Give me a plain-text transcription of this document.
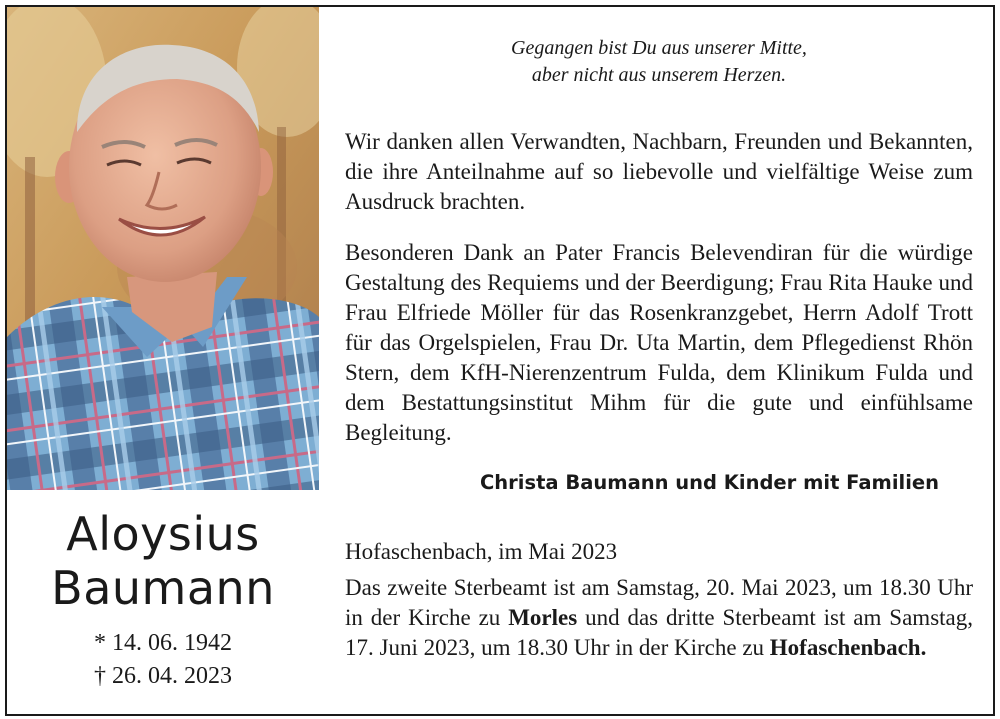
Aloysius
Baumann
* 14. 06. 1942
† 26. 04. 2023
Gegangen bist Du aus unserer Mitte,
aber nicht aus unserem Herzen.
Wir danken allen Verwandten, Nachbarn, Freunden und Bekannten, die ihre Anteilnahme auf so liebevolle und vielfältige Weise zum Ausdruck brachten.
Besonderen Dank an Pater Francis Belevendiran für die würdige Gestaltung des Requiems und der Beerdigung; Frau Rita Hauke und Frau Elfriede Möller für das Rosenkranzgebet, Herrn Adolf Trott für das Orgelspielen, Frau Dr. Uta Martin, dem Pflegedienst Rhön Stern, dem KfH-Nierenzentrum Fulda, dem Klinikum Fulda und dem Bestattungsinstitut Mihm für die gute und einfühlsame Begleitung.
Christa Baumann und Kinder mit Familien
Hofaschenbach, im Mai 2023
Das zweite Sterbeamt ist am Samstag, 20. Mai 2023, um 18.30 Uhr in der Kirche zu Morles und das dritte Sterbeamt ist am Samstag, 17. Juni 2023, um 18.30 Uhr in der Kirche zu Hofaschenbach.
